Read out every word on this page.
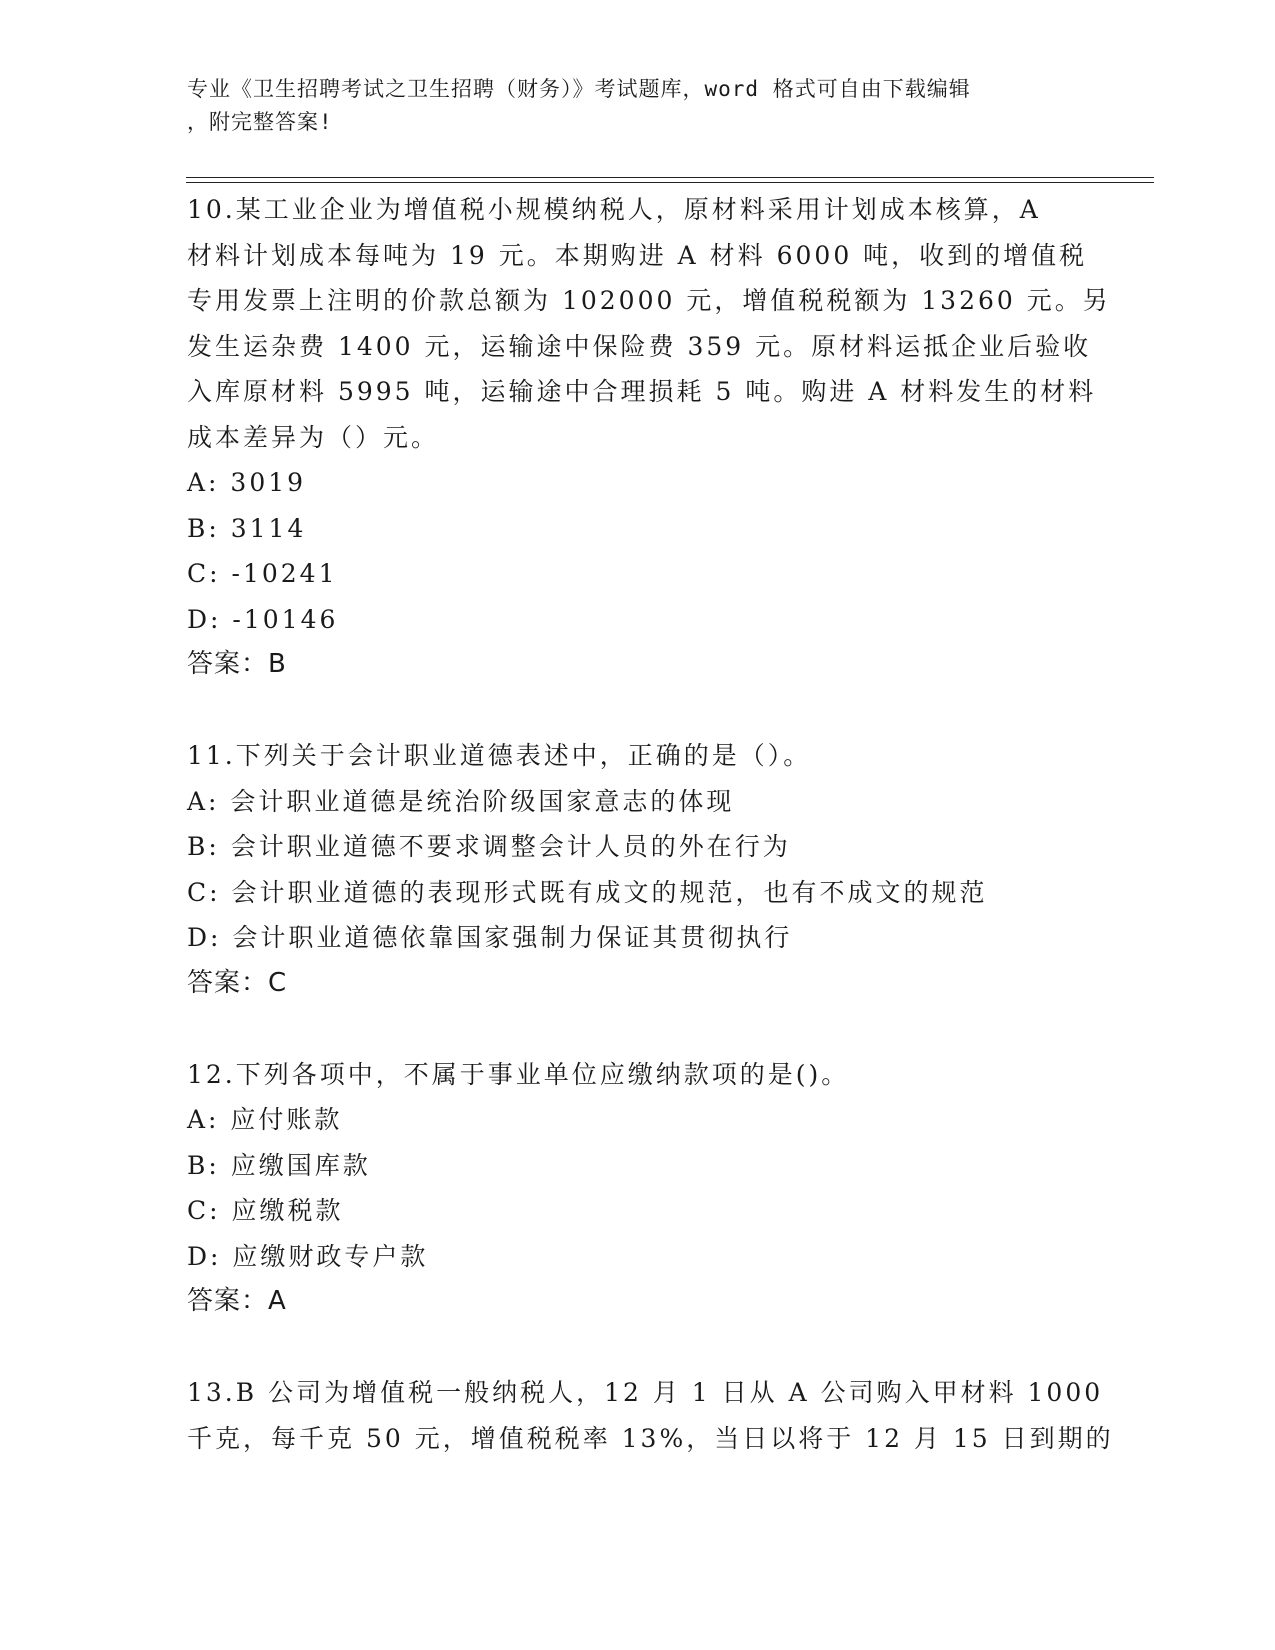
专业《卫生招聘考试之卫生招聘（财务）》考试题库，word 格式可自由下载编辑
，附完整答案!
10.某工业企业为增值税小规模纳税人，原材料采用计划成本核算，A
材料计划成本每吨为 19 元。本期购进 A 材料 6000 吨，收到的增值税
专用发票上注明的价款总额为 102000 元，增值税税额为 13260 元。另
发生运杂费 1400 元，运输途中保险费 359 元。原材料运抵企业后验收
入库原材料 5995 吨，运输途中合理损耗 5 吨。购进 A 材料发生的材料
成本差异为（）元。
A: 3019
B: 3114
C: -10241
D: -10146
答案：B
11.下列关于会计职业道德表述中，正确的是（）。
A: 会计职业道德是统治阶级国家意志的体现
B: 会计职业道德不要求调整会计人员的外在行为
C: 会计职业道德的表现形式既有成文的规范，也有不成文的规范
D: 会计职业道德依靠国家强制力保证其贯彻执行
答案：C
12.下列各项中，不属于事业单位应缴纳款项的是()。
A: 应付账款
B: 应缴国库款
C: 应缴税款
D: 应缴财政专户款
答案：A
13.B 公司为增值税一般纳税人，12 月 1 日从 A 公司购入甲材料 1000
千克，每千克 50 元，增值税税率 13%，当日以将于 12 月 15 日到期的
